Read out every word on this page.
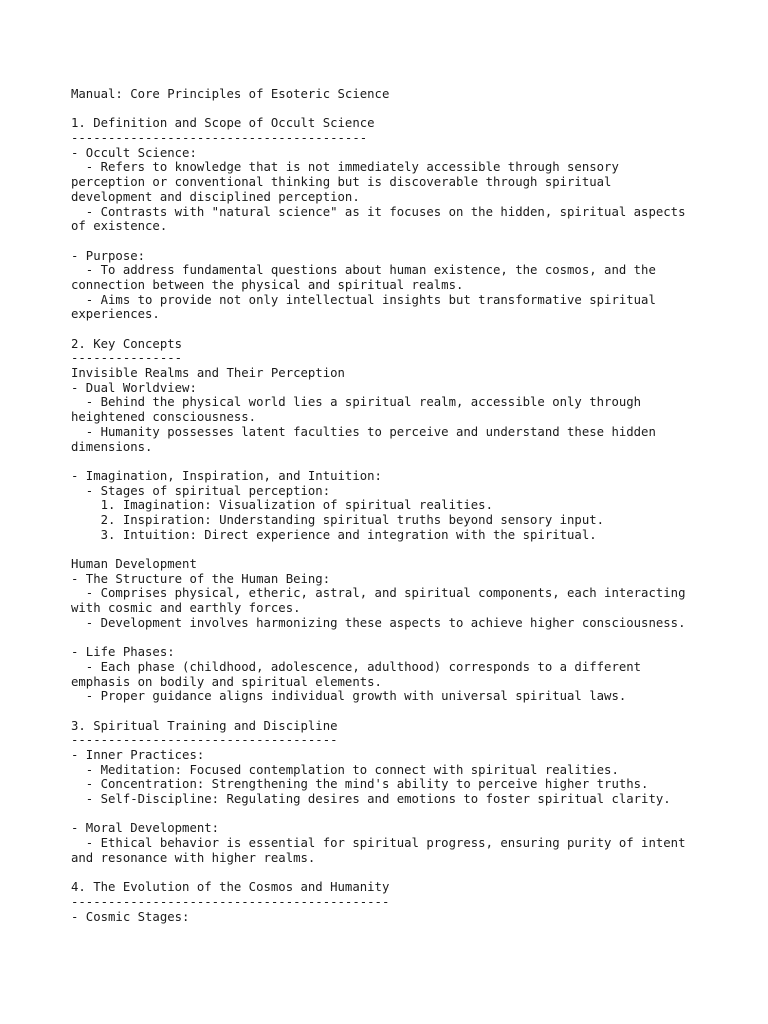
Manual: Core Principles of Esoteric Science
1. Definition and Scope of Occult Science
----------------------------------------
- Occult Science:
- Refers to knowledge that is not immediately accessible through sensory
perception or conventional thinking but is discoverable through spiritual
development and disciplined perception.
- Contrasts with "natural science" as it focuses on the hidden, spiritual aspects
of existence.
- Purpose:
- To address fundamental questions about human existence, the cosmos, and the
connection between the physical and spiritual realms.
- Aims to provide not only intellectual insights but transformative spiritual
experiences.
2. Key Concepts
---------------
Invisible Realms and Their Perception
- Dual Worldview:
- Behind the physical world lies a spiritual realm, accessible only through
heightened consciousness.
- Humanity possesses latent faculties to perceive and understand these hidden
dimensions.
- Imagination, Inspiration, and Intuition:
- Stages of spiritual perception:
1. Imagination: Visualization of spiritual realities.
2. Inspiration: Understanding spiritual truths beyond sensory input.
3. Intuition: Direct experience and integration with the spiritual.
Human Development
- The Structure of the Human Being:
- Comprises physical, etheric, astral, and spiritual components, each interacting
with cosmic and earthly forces.
- Development involves harmonizing these aspects to achieve higher consciousness.
- Life Phases:
- Each phase (childhood, adolescence, adulthood) corresponds to a different
emphasis on bodily and spiritual elements.
- Proper guidance aligns individual growth with universal spiritual laws.
3. Spiritual Training and Discipline
------------------------------------
- Inner Practices:
- Meditation: Focused contemplation to connect with spiritual realities.
- Concentration: Strengthening the mind's ability to perceive higher truths.
- Self-Discipline: Regulating desires and emotions to foster spiritual clarity.
- Moral Development:
- Ethical behavior is essential for spiritual progress, ensuring purity of intent
and resonance with higher realms.
4. The Evolution of the Cosmos and Humanity
-------------------------------------------
- Cosmic Stages:
